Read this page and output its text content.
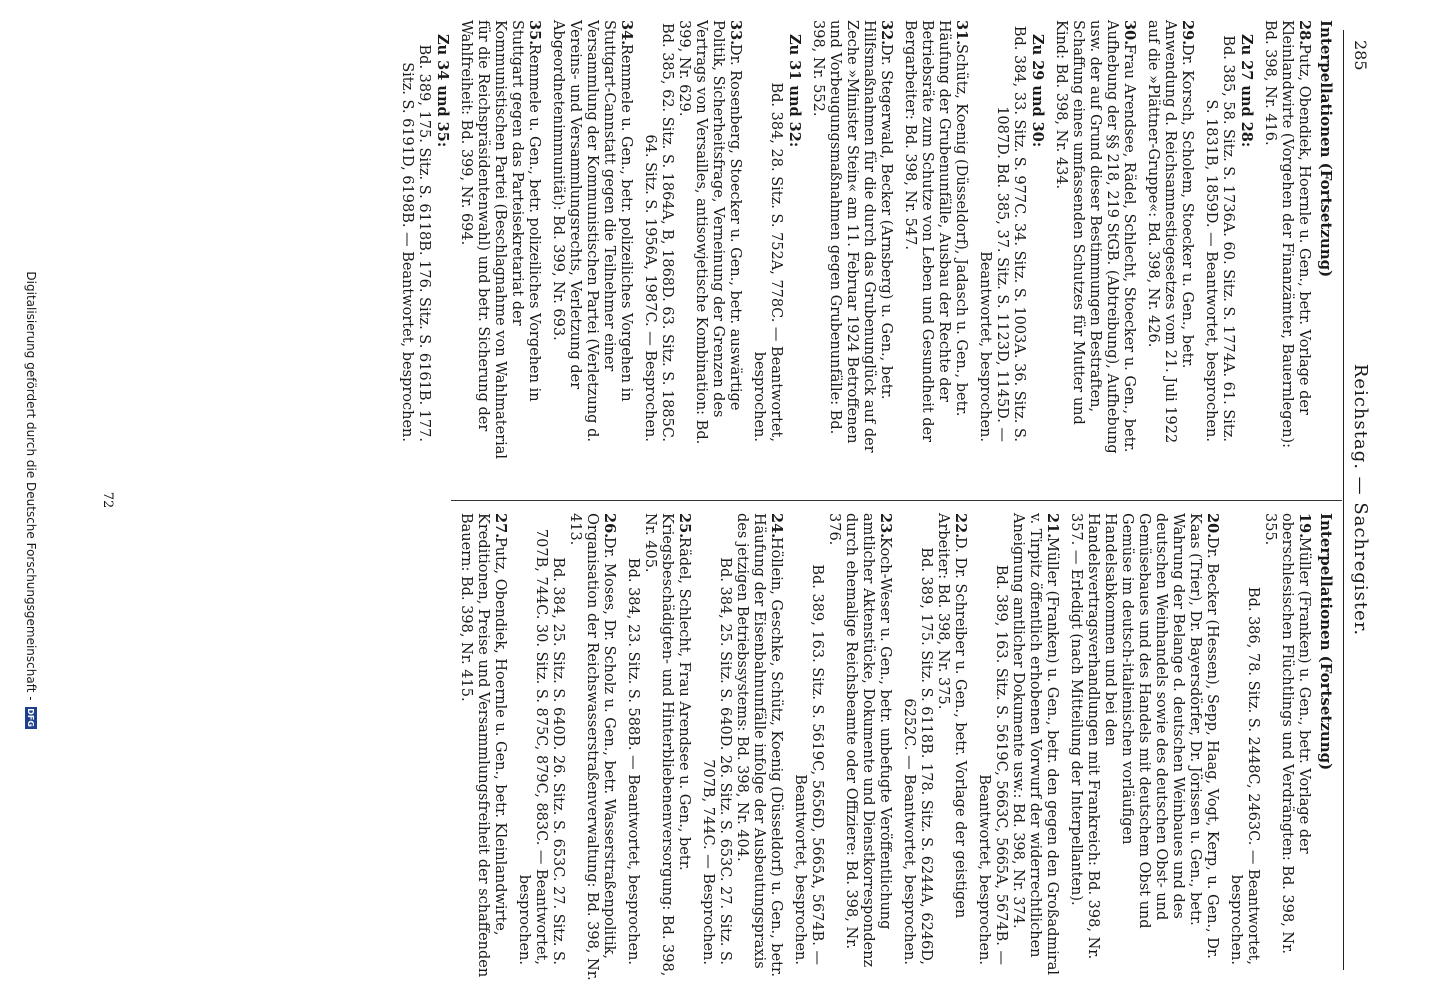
285
Reichstag. — Sachregister.
Interpellationen (Fortsetzung)
28.Putz, Obendiek, Hoernle u. Gen., betr. Vorlage der Kleinlandwirte (Vorgehen der Finanzämter, Bauernlegen): Bd. 398, Nr. 416.
Zu 27 und 28:
Bd. 385, 58. Sitz. S. 1736A. 60. Sitz. S. 1774A. 61. Sitz. S. 1831B, 1859D. — Beantwortet, besprochen.
29.Dr. Korsch, Scholem, Stoecker u. Gen., betr. Anwendung d. Reichsamnestiegesetzes vom 21. Juli 1922 auf die »Plättner-Gruppe«: Bd. 398, Nr. 426.
30.Frau Arendsee, Rädel, Schlecht, Stoecker u. Gen., betr. Aufhebung der §§ 218, 219 StGB. (Abtreibung), Aufhebung usw. der auf Grund dieser Bestimmungen Bestraften, Schaffung eines umfassenden Schutzes für Mutter und Kind: Bd. 398, Nr. 434.
Zu 29 und 30:
Bd. 384, 33. Sitz. S. 977C. 34. Sitz. S. 1003A. 36. Sitz. S. 1087D. Bd. 385, 37. Sitz. S. 1123D, 1145D. — Beantwortet, besprochen.
31.Schütz, Koenig (Düsseldorf), Jadasch u. Gen., betr. Häufung der Grubenunfälle, Ausbau der Rechte der Betriebsräte zum Schutze von Leben und Gesundheit der Bergarbeiter: Bd. 398, Nr. 547.
32.Dr. Stegerwald, Becker (Arnsberg) u. Gen., betr. Hilfsmaßnahmen für die durch das Grubenunglück auf der Zeche »Minister Stein« am 11. Februar 1924 Betroffenen und Vorbeugungsmaßnahmen gegen Grubenunfälle: Bd. 398, Nr. 552.
Zu 31 und 32:
Bd. 384, 28. Sitz. S. 752A, 778C. — Beantwortet, besprochen.
33.Dr. Rosenberg, Stoecker u. Gen., betr. auswärtige Politik, Sicherheitsfrage, Verneinung der Grenzen des Vertrags von Versailles, antisowjetische Kombination: Bd. 399, Nr. 629.
Bd. 385, 62. Sitz. S. 1864A, B, 1868D. 63. Sitz. S. 1885C. 64. Sitz. S. 1956A, 1987C. — Besprochen.
34.Remmele u. Gen., betr. polizeiliches Vorgehen in Stuttgart-Cannstatt gegen die Teilnehmer einer Versammlung der Kommunistischen Partei (Verletzung d. Vereins- und Versammlungsrechts, Verletzung der Abgeordnetenimmunität): Bd. 399, Nr. 693.
35.Remmele u. Gen., betr. polizeiliches Vorgehen in Stuttgart gegen das Parteisekretariat der Kommunistischen Partei (Beschlagnahme von Wahlmaterial für die Reichspräsidentenwahl) und betr. Sicherung der Wahlfreiheit: Bd. 399, Nr. 694.
Zu 34 und 35:
Bd. 389, 175. Sitz. S. 6118B. 176. Sitz. S. 6161B. 177. Sitz. S. 6191D, 6198B. — Beantwortet, besprochen.
Interpellationen (Fortsetzung)
19.Müller (Franken) u. Gen., betr. Vorlage der oberschlesischen Flüchtlings und Verdrängten: Bd. 398, Nr. 355.
Bd. 386, 78. Sitz. S. 2448C, 2463C. — Beantwortet, besprochen.
20.Dr. Becker (Hessen), Sepp, Haag, Vogt, Kerp, u. Gen., Dr. Kaas (Trier), Dr. Bayersdörfer, Dr. Jörissen u. Gen., betr. Wahrung der Belange d. deutschen Weinbaues und des deutschen Weinhandels sowie des deutschen Obst- und Gemüsebaues und des Handels mit deutschem Obst und Gemüse im deutsch-italienischen vorläufigen Handelsabkommen und bei den Handelsvertragsverhandlungen mit Frankreich: Bd. 398, Nr. 357. — Erledigt (nach Mitteilung der Interpellanten).
21.Müller (Franken) u. Gen., betr. den gegen den Großadmiral v. Tirpitz öffentlich erhobenen Vorwurf der widerrechtlichen Aneignung amtlicher Dokumente usw.: Bd. 398, Nr. 374.
Bd. 389, 163. Sitz. S. 5619C, 5663C, 5665A, 5674B. — Beantwortet, besprochen.
22.D. Dr. Schreiber u. Gen., betr. Vorlage der geistigen Arbeiter: Bd. 398, Nr. 375.
Bd. 389, 175. Sitz. S. 6118B. 178. Sitz. S. 6244A, 6246D, 6252C. — Beantwortet, besprochen.
23.Koch-Weser u. Gen., betr. unbefugte Veröffentlichung amtlicher Aktenstücke, Dokumente und Dienstkorrespondenz durch ehemalige Reichsbeamte oder Offiziere: Bd. 398, Nr. 376.
Bd. 389, 163. Sitz. S. 5619C, 5656D, 5665A, 5674B. — Beantwortet, besprochen.
24.Höllein, Geschke, Schütz, Koenig (Düsseldorf) u. Gen., betr. Häufung der Eisenbahnunfälle infolge der Ausbeutungspraxis des jetzigen Betriebssystems: Bd. 398, Nr. 404.
Bd. 384, 25. Sitz. S. 640D. 26. Sitz. S. 653C. 27. Sitz. S. 707B, 744C. — Besprochen.
25.Rädel, Schlecht, Frau Arendsee u. Gen., betr. Kriegsbeschädigten- und Hinterbliebenenversorgung: Bd. 398, Nr. 405.
Bd. 384, 23. Sitz. S. 588B. — Beantwortet, besprochen.
26.Dr. Moses, Dr. Scholz u. Gen., betr. Wasserstraßenpolitik, Organisation der Reichswasserstraßenverwaltung: Bd. 398, Nr. 413.
Bd. 384, 25. Sitz. S. 640D. 26. Sitz. S. 653C. 27. Sitz. S. 707B, 744C. 30. Sitz. S. 875C, 879C, 883C. — Beantwortet, besprochen.
27.Putz, Obendiek, Hoernle u. Gen., betr. Kleinlandwirte, Kreditionen, Preise und Versammlungsfreiheit der schaffenden Bauern: Bd. 398, Nr. 415.
72
Digitalisierung gefördert durch die Deutsche Forschungsgemeinschaft -
DFG
